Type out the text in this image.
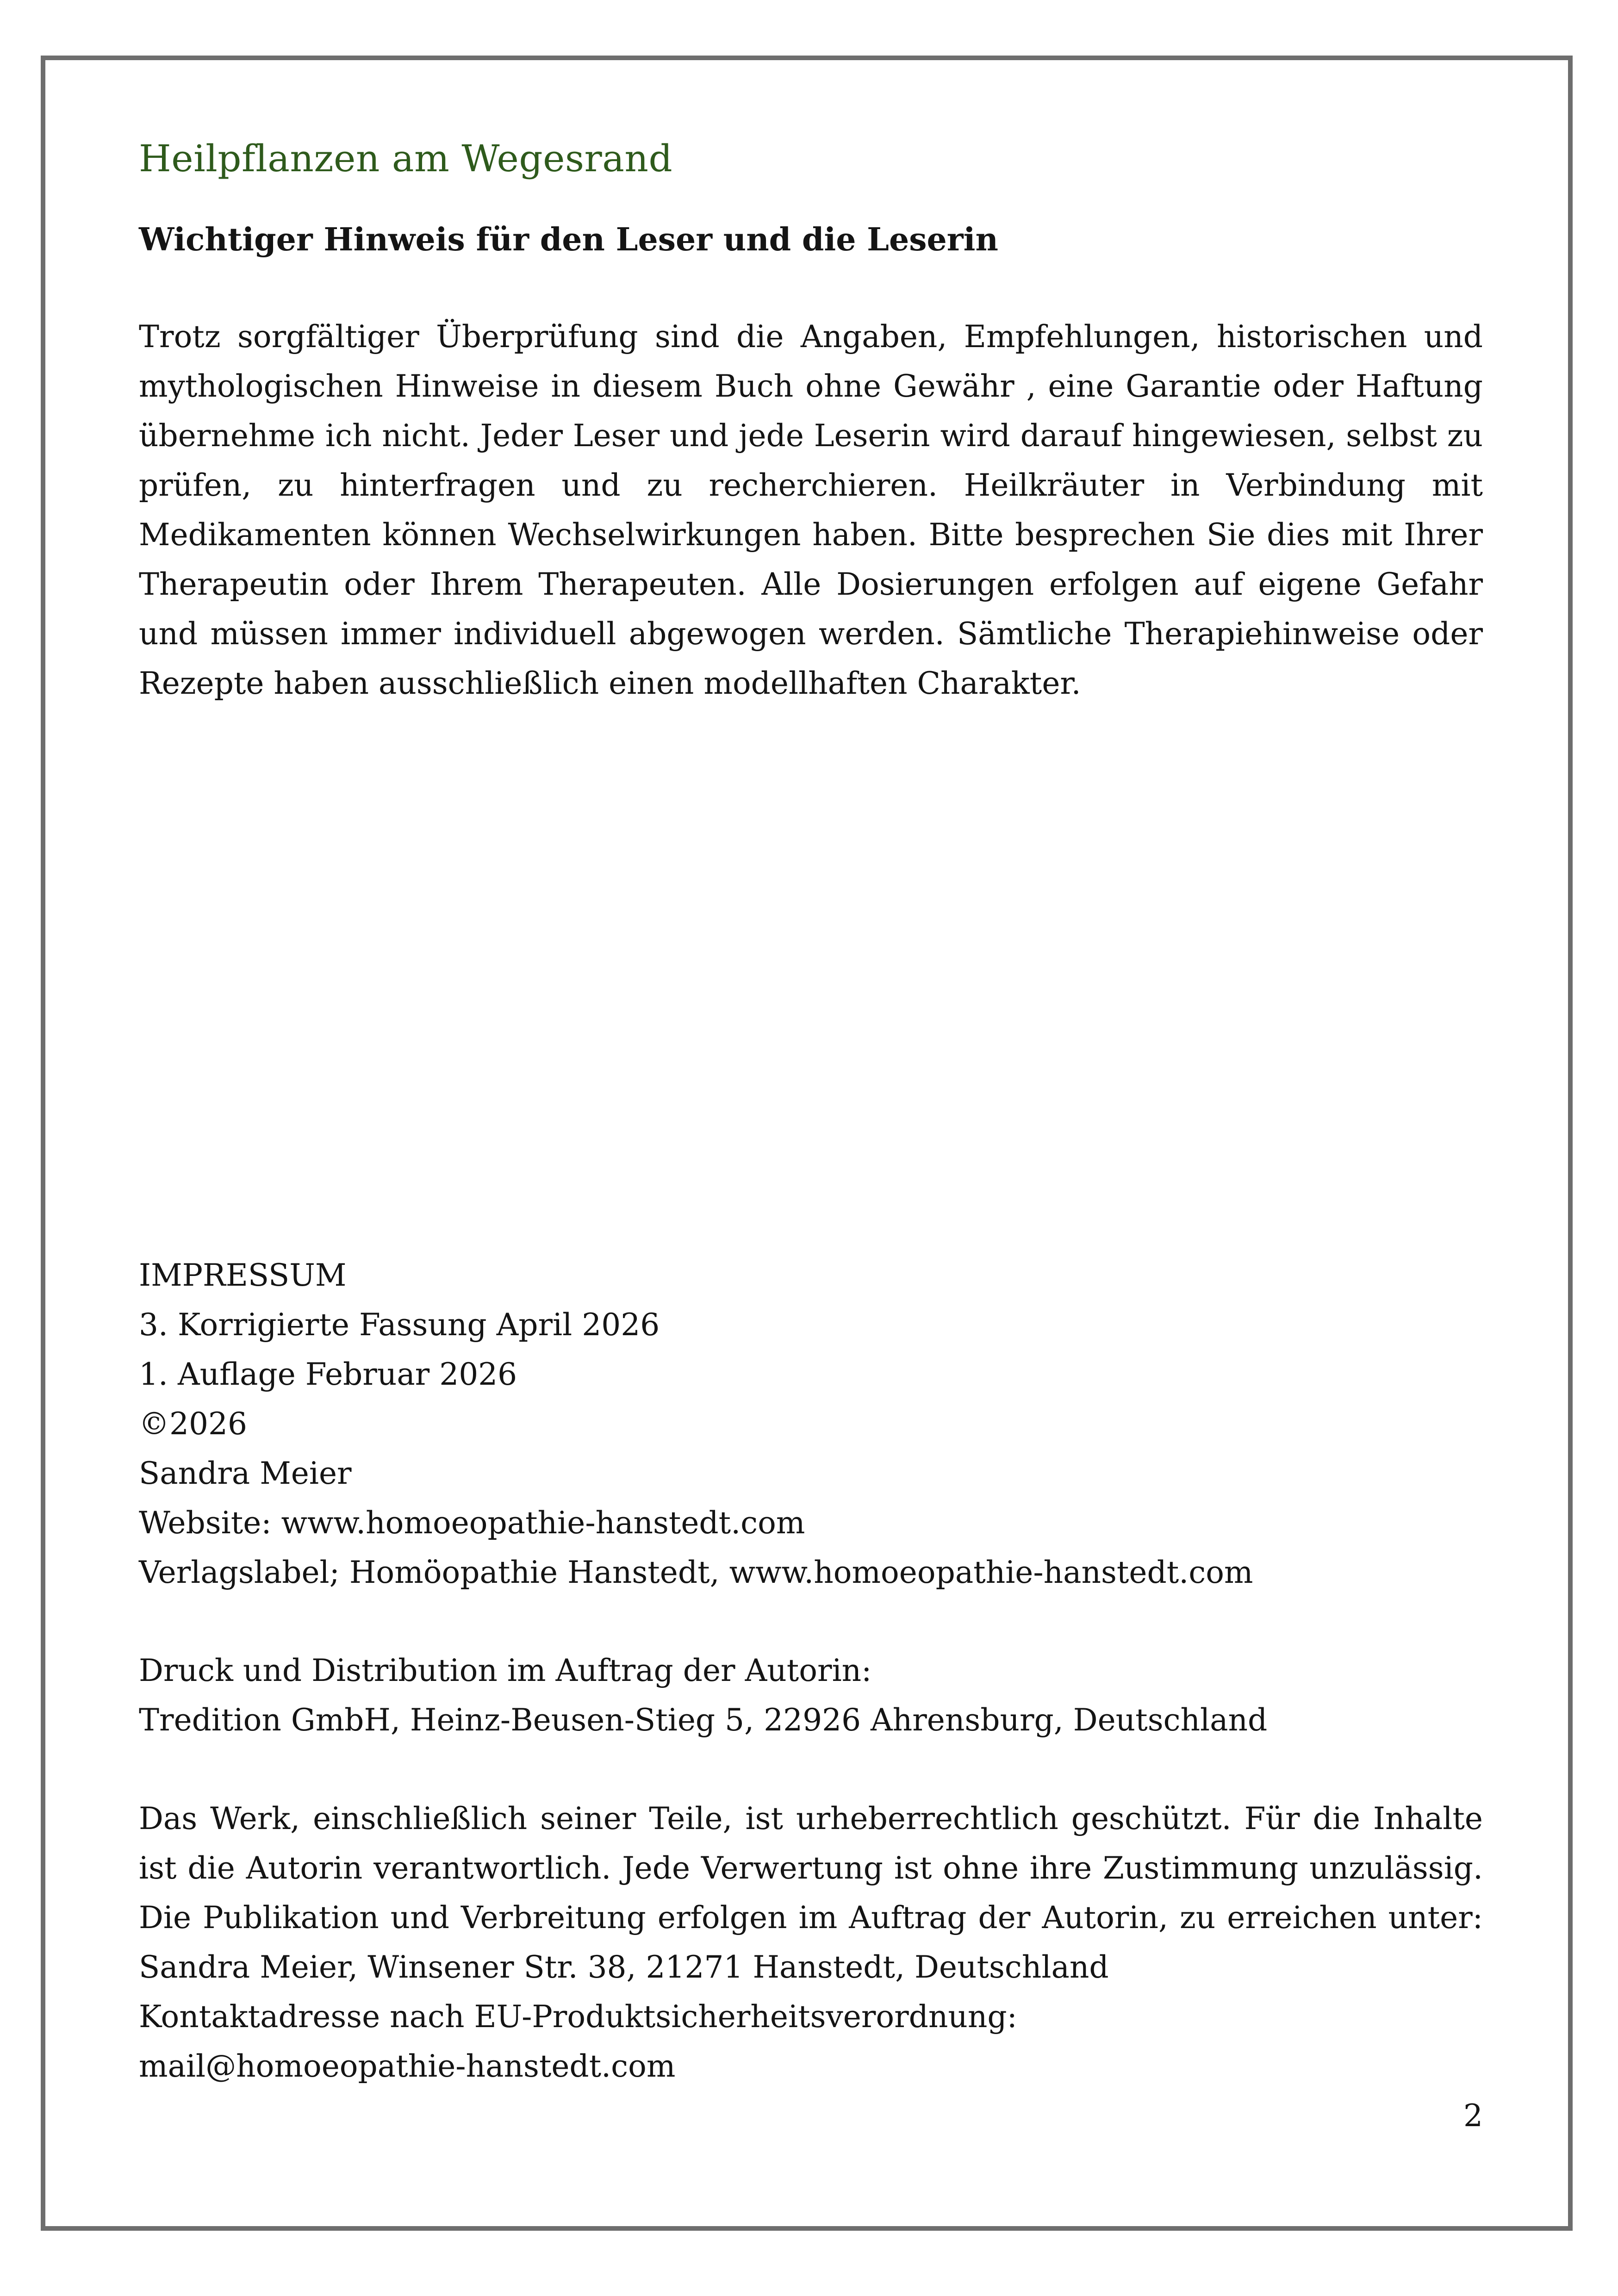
Heilpflanzen am Wegesrand
Wichtiger Hinweis für den Leser und die Leserin

Trotz sorgfältiger Überprüfung sind die Angaben, Empfehlungen, historischen und mythologischen Hinweise in diesem Buch ohne Gewähr , eine Garantie oder Haftung übernehme ich nicht. Jeder Leser und jede Leserin wird darauf hingewiesen, selbst zu prüfen, zu hinterfragen und zu recherchieren. Heilkräuter in Verbindung mit Medikamenten können Wechselwirkungen haben. Bitte besprechen Sie dies mit Ihrer Therapeutin oder Ihrem Therapeuten. Alle Dosierungen erfolgen auf eigene Gefahr und müssen immer individuell abgewogen werden. Sämtliche Therapiehinweise oder Rezepte haben ausschließlich einen modellhaften Charakter.

IMPRESSUM
3. Korrigierte Fassung April 2026
1. Auflage Februar 2026
©2026
Sandra Meier
Website: www.homoeopathie-hanstedt.com
Verlagslabel; Homöopathie Hanstedt, www.homoeopathie-hanstedt.com
Druck und Distribution im Auftrag der Autorin:
Tredition GmbH, Heinz-Beusen-Stieg 5, 22926 Ahrensburg, Deutschland

Das Werk, einschließlich seiner Teile, ist urheberrechtlich geschützt. Für die Inhalte ist die Autorin verantwortlich. Jede Verwertung ist ohne ihre Zustimmung unzulässig. Die Publikation und Verbreitung erfolgen im Auftrag der Autorin, zu erreichen unter: Sandra Meier, Winsener Str. 38, 21271 Hanstedt, Deutschland

Kontaktadresse nach EU-Produktsicherheitsverordnung:
mail@homoeopathie-hanstedt.com
2
